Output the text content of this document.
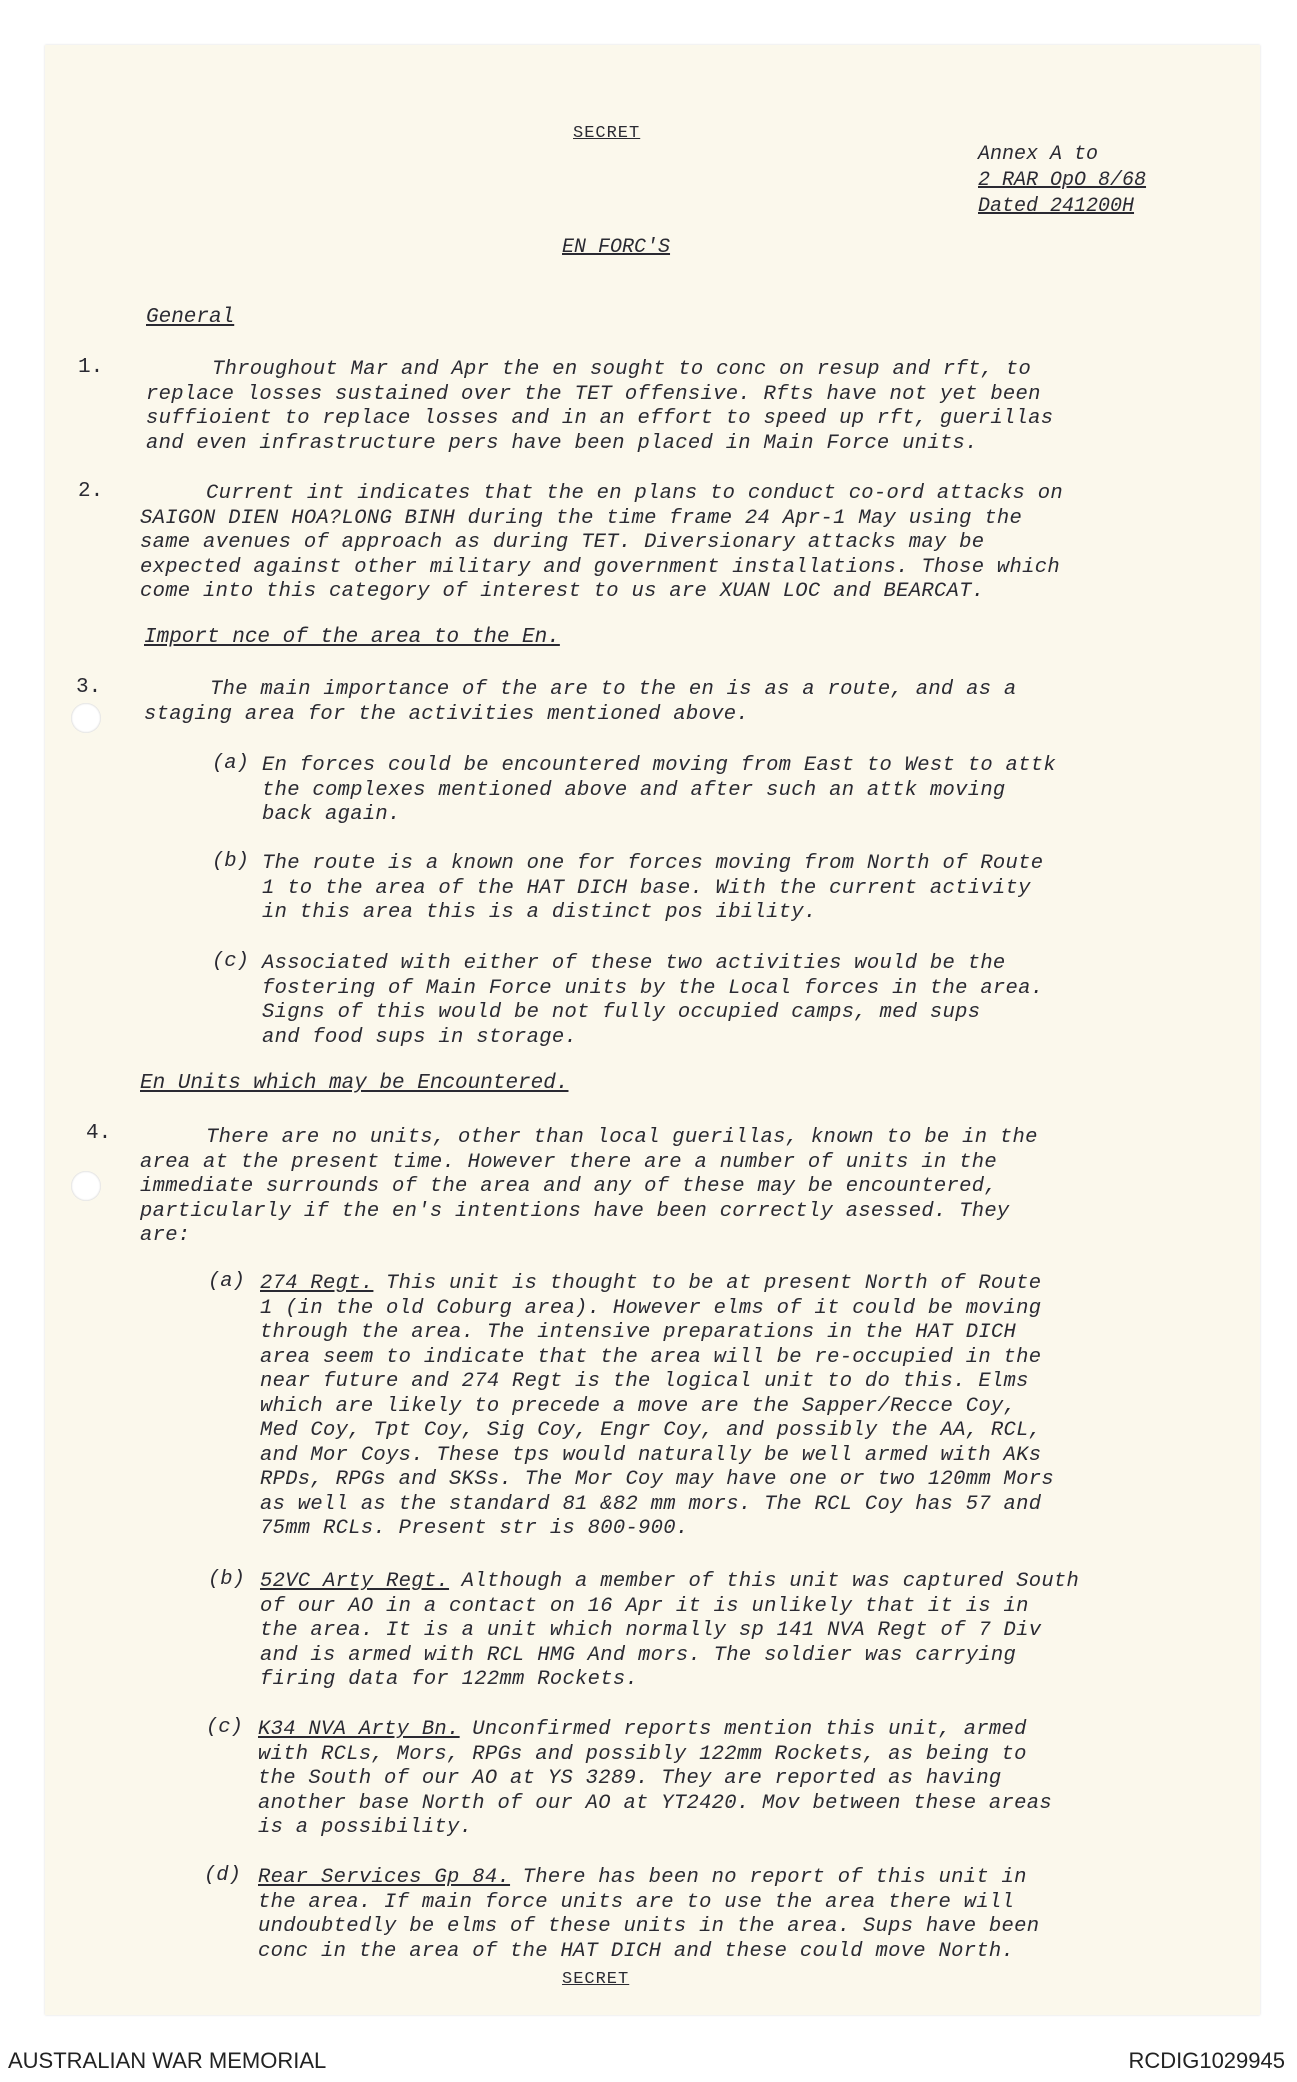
SECRET
Annex A to
2 RAR OpO 8/68
Dated 241200H
EN FORC'S
General
1.	Throughout Mar and Apr the en sought to conc on resup and rft, to
replace losses sustained over the TET offensive. Rfts have not yet been
suffioient to replace losses and in an effort to speed up rft, guerillas
and even infrastructure pers have been placed in Main Force units.
2.	Current int indicates that the en plans to conduct co-ord attacks on
SAIGON DIEN HOA?LONG BINH during the time frame 24 Apr-1 May using the
same avenues of approach as during TET. Diversionary attacks may be
expected against other military and government installations. Those which
come into this category of interest to us are XUAN LOC and BEARCAT.
Import nce of the area to the En.
3.	The main importance of the are to the en is as a route, and as a
staging area for the activities mentioned above.
(a) En forces could be encountered moving from East to West to attk
the complexes mentioned above and after such an attk moving
back again.
(b) The route is a known one for forces moving from North of Route
1 to the area of the HAT DICH base. With the current activity
in this area this is a distinct pos ibility.
(c) Associated with either of these two activities would be the
fostering of Main Force units by the Local forces in the area.
Signs of this would be not fully occupied camps, med sups
and food sups in storage.
En Units which may be Encountered.
4.	There are no units, other than local guerillas, known to be in the
area at the present time. However there are a number of units in the
immediate surrounds of the area and any of these may be encountered,
particularly if the en's intentions have been correctly asessed. They
are:
(a) 274 Regt. This unit is thought to be at present North of Route
1 (in the old Coburg area). However elms of it could be moving
through the area. The intensive preparations in the HAT DICH
area seem to indicate that the area will be re-occupied in the
near future and 274 Regt is the logical unit to do this. Elms
which are likely to precede a move are the Sapper/Recce Coy,
Med Coy, Tpt Coy, Sig Coy, Engr Coy, and possibly the AA, RCL,
and Mor Coys. These tps would naturally be well armed with AKs
RPDs, RPGs and SKSs. The Mor Coy may have one or two 120mm Mors
as well as the standard 81 &82 mm mors. The RCL Coy has 57 and
75mm RCLs. Present str is 800-900.
(b) 52VC Arty Regt. Although a member of this unit was captured South
of our AO in a contact on 16 Apr it is unlikely that it is in
the area. It is a unit which normally sp 141 NVA Regt of 7 Div
and is armed with RCL HMG And mors. The soldier was carrying
firing data for 122mm Rockets.
(c) K34 NVA Arty Bn. Unconfirmed reports mention this unit, armed
with RCLs, Mors, RPGs and possibly 122mm Rockets, as being to
the South of our AO at YS 3289. They are reported as having
another base North of our AO at YT2420. Mov between these areas
is a possibility.
(d) Rear Services Gp 84. There has been no report of this unit in
the area. If main force units are to use the area there will
undoubtedly be elms of these units in the area. Sups have been
conc in the area of the HAT DICH and these could move North.
SECRET
AUSTRALIAN WAR MEMORIAL	RCDIG1029945
